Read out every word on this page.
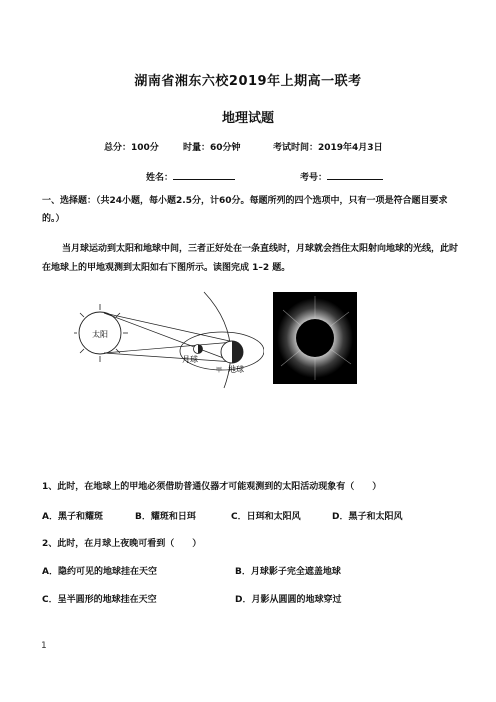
湖南省湘东六校2019年上期高一联考
地理试题
总分：100分	时量：60分钟	考试时间：2019年4月3日
姓名：	考号：
一、选择题：（共24小题，每小题2.5分，计60分。每题所列的四个选项中，只有一项是符合题目要求的。）
当月球运动到太阳和地球中间，三者正好处在一条直线时，月球就会挡住太阳射向地球的光线，此时在地球上的甲地观测到太阳如右下图所示。读图完成 1–2 题。
太阳
月球
地球
甲
1、此时，在地球上的甲地必须借助普通仪器才可能观测到的太阳活动现象有（　　）
A．黑子和耀斑	B．耀斑和日珥	C．日珥和太阳风	D．黑子和太阳风
2、此时，在月球上夜晚可看到（　　）
A．隐约可见的地球挂在天空	B．月球影子完全遮盖地球
C．呈半圆形的地球挂在天空	D．月影从圆圆的地球穿过
1
